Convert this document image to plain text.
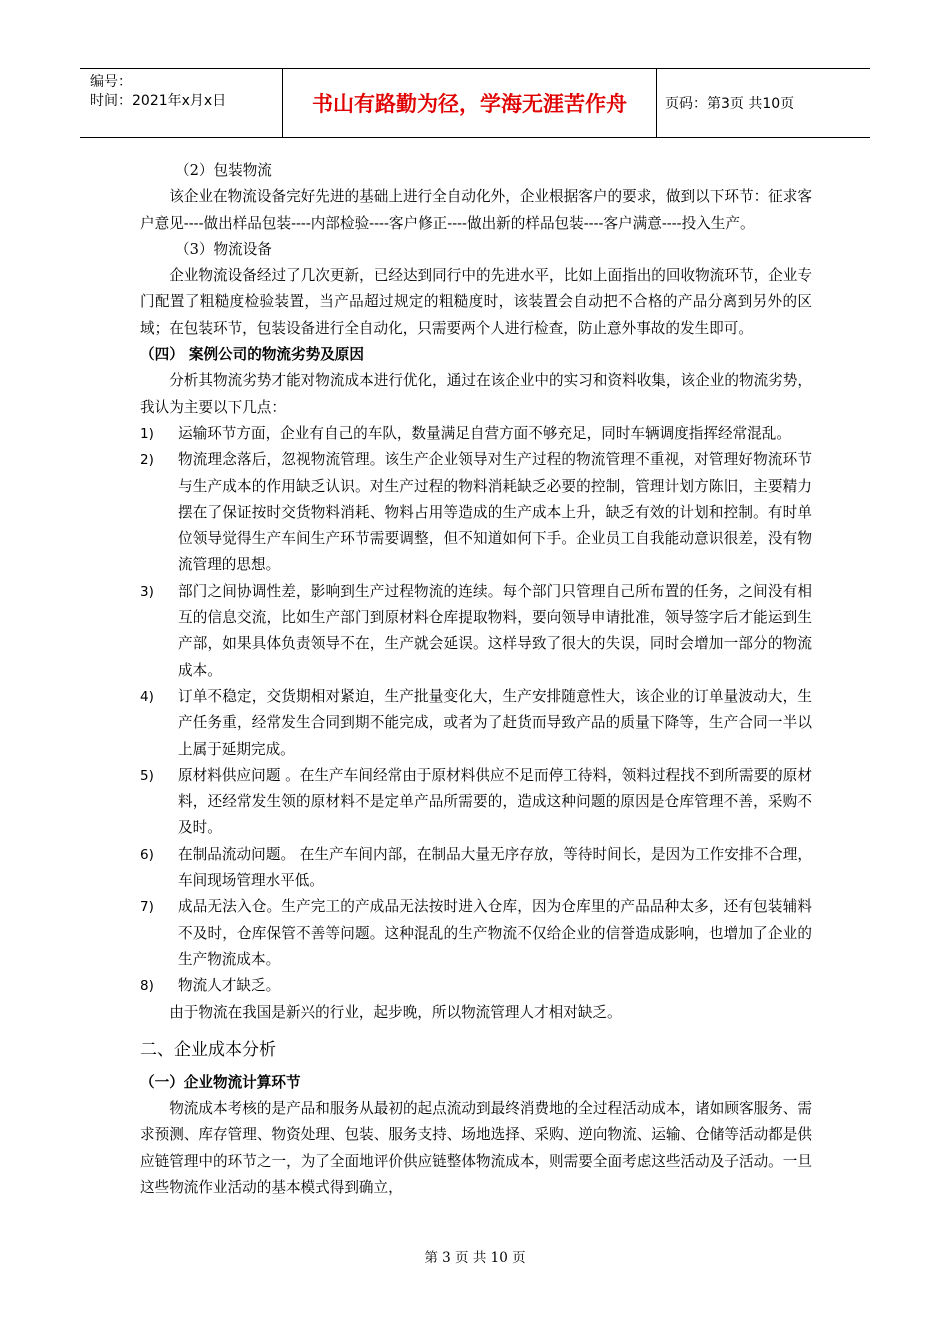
编号：
时间：2021年x月x日	书山有路勤为径，学海无涯苦作舟	页码：第3页 共10页

（2）包装物流

该企业在物流设备完好先进的基础上进行全自动化外，企业根据客户的要求，做到以下环节：征求客户意见----做出样品包装----内部检验----客户修正----做出新的样品包装----客户满意----投入生产。

（3）物流设备

企业物流设备经过了几次更新，已经达到同行中的先进水平，比如上面指出的回收物流环节，企业专门配置了粗糙度检验装置，当产品超过规定的粗糙度时，该装置会自动把不合格的产品分离到另外的区域；在包装环节，包装设备进行全自动化，只需要两个人进行检查，防止意外事故的发生即可。

（四） 案例公司的物流劣势及原因

分析其物流劣势才能对物流成本进行优化，通过在该企业中的实习和资料收集，该企业的物流劣势，我认为主要以下几点：

1)	运输环节方面，企业有自己的车队，数量满足自营方面不够充足，同时车辆调度指挥经常混乱。
2)	物流理念落后，忽视物流管理。该生产企业领导对生产过程的物流管理不重视，对管理好物流环节与生产成本的作用缺乏认识。对生产过程的物料消耗缺乏必要的控制，管理计划方陈旧，主要精力摆在了保证按时交货物料消耗、物料占用等造成的生产成本上升，缺乏有效的计划和控制。有时单位领导觉得生产车间生产环节需要调整，但不知道如何下手。企业员工自我能动意识很差，没有物流管理的思想。
3)	部门之间协调性差，影响到生产过程物流的连续。每个部门只管理自己所布置的任务，之间没有相互的信息交流，比如生产部门到原材料仓库提取物料，要向领导申请批准，领导签字后才能运到生产部，如果具体负责领导不在，生产就会延误。这样导致了很大的失误，同时会增加一部分的物流成本。
4)	订单不稳定，交货期相对紧迫，生产批量变化大，生产安排随意性大，该企业的订单量波动大，生产任务重，经常发生合同到期不能完成，或者为了赶货而导致产品的质量下降等，生产合同一半以上属于延期完成。
5)	原材料供应问题 。在生产车间经常由于原材料供应不足而停工待料，领料过程找不到所需要的原材料，还经常发生领的原材料不是定单产品所需要的，造成这种问题的原因是仓库管理不善，采购不及时。
6)	在制品流动问题。 在生产车间内部，在制品大量无序存放，等待时间长，是因为工作安排不合理，车间现场管理水平低。
7)	成品无法入仓。生产完工的产成品无法按时进入仓库，因为仓库里的产品品种太多，还有包装辅料不及时，仓库保管不善等问题。这种混乱的生产物流不仅给企业的信誉造成影响，也增加了企业的生产物流成本。
8)	物流人才缺乏。

由于物流在我国是新兴的行业，起步晚，所以物流管理人才相对缺乏。

二、企业成本分析

（一）企业物流计算环节

物流成本考核的是产品和服务从最初的起点流动到最终消费地的全过程活动成本，诸如顾客服务、需求预测、库存管理、物资处理、包装、服务支持、场地选择、采购、逆向物流、运输、仓储等活动都是供应链管理中的环节之一，为了全面地评价供应链整体物流成本，则需要全面考虑这些活动及子活动。一旦这些物流作业活动的基本模式得到确立，

第 3 页 共 10 页
